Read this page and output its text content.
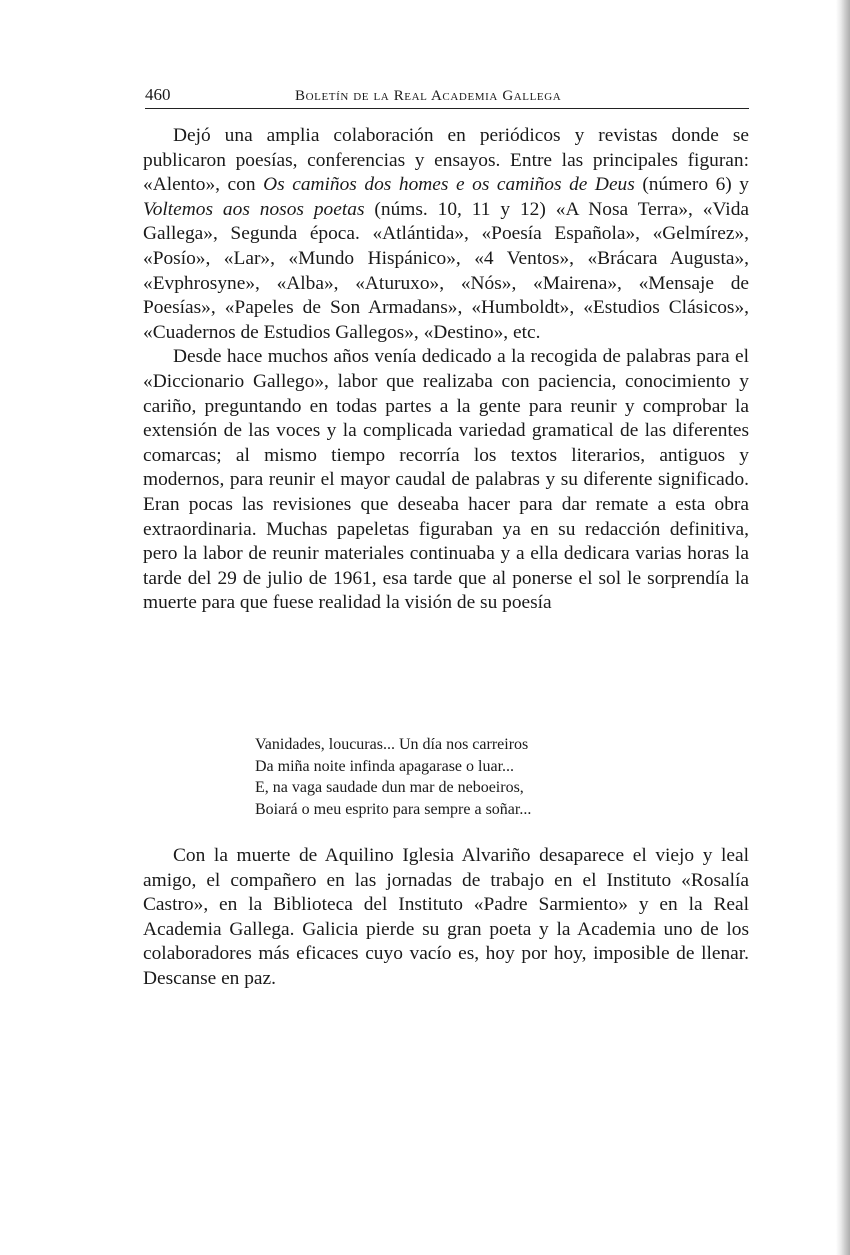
460	Boletín de la Real Academia Gallega

Dejó una amplia colaboración en periódicos y revistas donde se publicaron poesías, conferencias y ensayos. Entre las principales figuran: «Alento», con Os camiños dos homes e os camiños de Deus (número 6) y Voltemos aos nosos poetas (núms. 10, 11 y 12) «A Nosa Terra», «Vida Gallega», Segunda época. «Atlántida», «Poesía Española», «Gelmírez», «Posío», «Lar», «Mundo Hispánico», «4 Ventos», «Brácara Augusta», «Evphrosyne», «Alba», «Aturuxo», «Nós», «Mairena», «Mensaje de Poesías», «Papeles de Son Armadans», «Humboldt», «Estudios Clásicos», «Cuadernos de Estudios Gallegos», «Destino», etc.

Desde hace muchos años venía dedicado a la recogida de palabras para el «Diccionario Gallego», labor que realizaba con paciencia, conocimiento y cariño, preguntando en todas partes a la gente para reunir y comprobar la extensión de las voces y la complicada variedad gramatical de las diferentes comarcas; al mismo tiempo recorría los textos literarios, antiguos y modernos, para reunir el mayor caudal de palabras y su diferente significado. Eran pocas las revisiones que deseaba hacer para dar remate a esta obra extraordinaria. Muchas papeletas figuraban ya en su redacción definitiva, pero la labor de reunir materiales continuaba y a ella dedicara varias horas la tarde del 29 de julio de 1961, esa tarde que al ponerse el sol le sorprendía la muerte para que fuese realidad la visión de su poesía

Vanidades, loucuras... Un día nos carreiros
Da miña noite infinda apagarase o luar...
E, na vaga saudade dun mar de neboeiros,
Boiará o meu esprito para sempre a soñar...

Con la muerte de Aquilino Iglesia Alvariño desaparece el viejo y leal amigo, el compañero en las jornadas de trabajo en el Instituto «Rosalía Castro», en la Biblioteca del Instituto «Padre Sarmiento» y en la Real Academia Gallega. Galicia pierde su gran poeta y la Academia uno de los colaboradores más eficaces cuyo vacío es, hoy por hoy, imposible de llenar. Descanse en paz.
